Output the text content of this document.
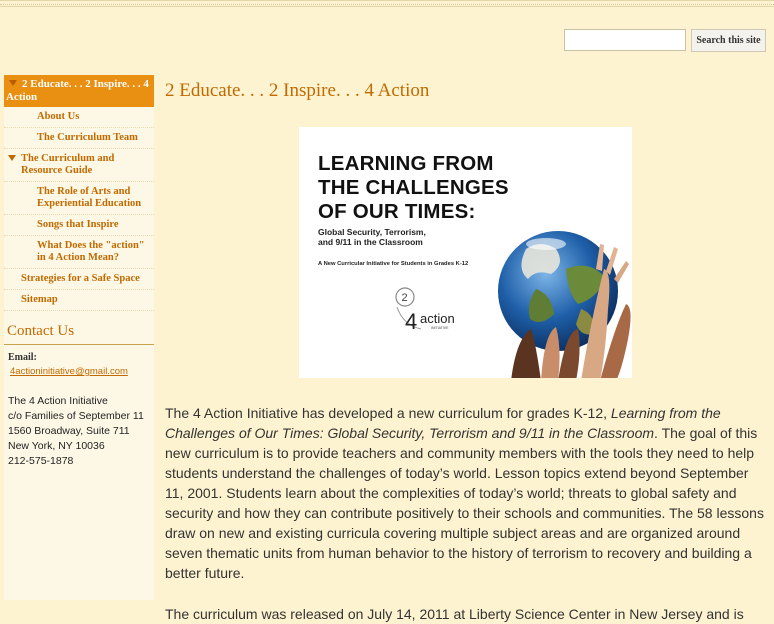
Search this site
2 Educate. . . 2 Inspire. . . 4 Action
About Us
The Curriculum Team
The Curriculum and Resource Guide
The Role of Arts and Experiential Education
Songs that Inspire
What Does the "action" in 4 Action Mean?
Strategies for a Safe Space
Sitemap
Contact Us
Email:
4actioninitiative@gmail.com
The 4 Action Initiative
c/o Families of September 11
1560 Broadway, Suite 711
New York, NY 10036
212-575-1878
2 Educate. . . 2 Inspire. . . 4 Action
LEARNING FROM
THE CHALLENGES
OF OUR TIMES:
Global Security, Terrorism,
and 9/11 in the Classroom
A New Curricular Initiative for Students in Grades K-12
2
4 action
INITIATIVE

The 4 Action Initiative has developed a new curriculum for grades K-12, Learning from the Challenges of Our Times: Global Security, Terrorism and 9/11 in the Classroom. The goal of this new curriculum is to provide teachers and community members with the tools they need to help students understand the challenges of today’s world. Lesson topics extend beyond September 11, 2001. Students learn about the complexities of today’s world; threats to global safety and security and how they can contribute positively to their schools and communities. The 58 lessons draw on new and existing curricula covering multiple subject areas and are organized around seven thematic units from human behavior to the history of terrorism to recovery and building a better future.

The curriculum was released on July 14, 2011 at Liberty Science Center in New Jersey and is
